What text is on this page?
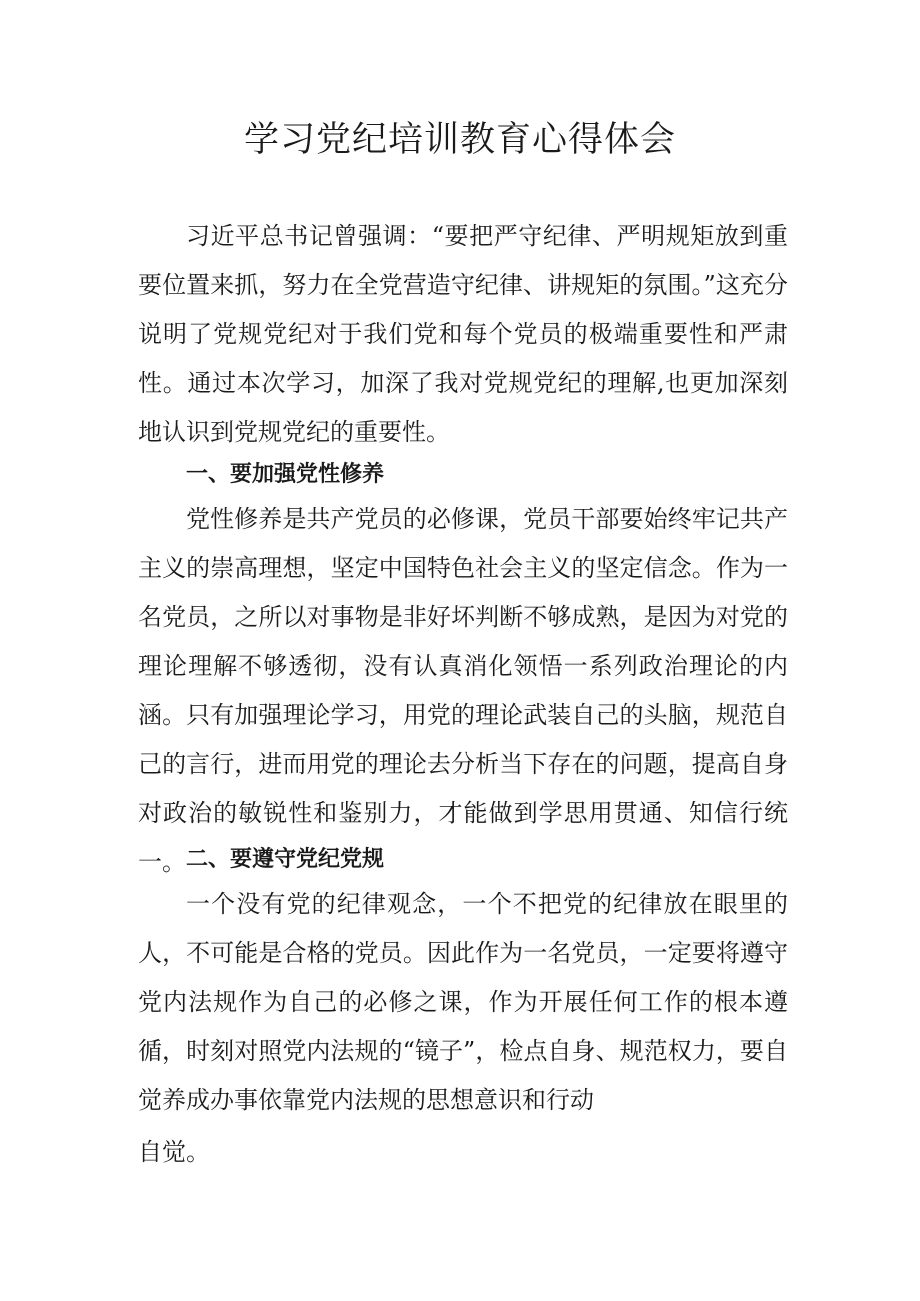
学习党纪培训教育心得体会

习近平总书记曾强调：“要把严守纪律、严明规矩放到重要位置来抓，努力在全党营造守纪律、讲规矩的氛围。”这充分说明了党规党纪对于我们党和每个党员的极端重要性和严肃性。通过本次学习，加深了我对党规党纪的理解,也更加深刻地认识到党规党纪的重要性。

一、要加强党性修养

党性修养是共产党员的必修课，党员干部要始终牢记共产主义的崇高理想，坚定中国特色社会主义的坚定信念。作为一名党员，之所以对事物是非好坏判断不够成熟，是因为对党的理论理解不够透彻，没有认真消化领悟一系列政治理论的内涵。只有加强理论学习，用党的理论武装自己的头脑，规范自己的言行，进而用党的理论去分析当下存在的问题，提高自身对政治的敏锐性和鉴别力，才能做到学思用贯通、知信行统一。 二、要遵守党纪党规

一个没有党的纪律观念，一个不把党的纪律放在眼里的人，不可能是合格的党员。因此作为一名党员，一定要将遵守党内法规作为自己的必修之课，作为开展任何工作的根本遵循，时刻对照党内法规的“镜子”，检点自身、规范权力，要自觉养成办事依靠党内法规的思想意识和行动

自觉。
